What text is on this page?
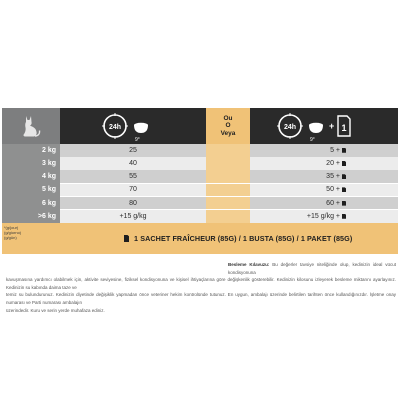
24h
9°
Ou
O
Veya
24h
9°
+ 1
2 kg	25	5 +
3 kg	40	20 +
4 kg	55	35 +
5 kg	70	50 +
6 kg	80	60 +
>6 kg	+15 g/kg	+15 g/kg +
*(g/jour)
(g/giorno)
(g/gün)	1 SACHET FRAÎCHEUR (85G) / 1 BUSTA (85G) / 1 PAKET (85G)
Besleme Kılavuzu: Bu değerler tavsiye niteliğinde olup, kedinizin ideal vücut kondisyonuna
kavuşmasına yardımcı olabilmek için, aktivite seviyesine, fiziksel kondisyonuna ve kişisel ihtiyaçlarına göre değişkenlik gösterebilir. Kedinizin kilosunu izleyerek besleme miktarını ayarlayınız. Kedinizin su kabında daima taze ve
temiz su bulundurunuz. Kedinizin diyetinde değişiklik yapmadan önce veteriner hekim kontrolünde tutunuz. En uygun, ambalajı üzerinde belirtilen tarihten önce kullandığınızdır. İşletme onay numarası ve Parti numarası ambalajın
üzerindedir. Kuru ve serin yerde muhafaza ediniz.
